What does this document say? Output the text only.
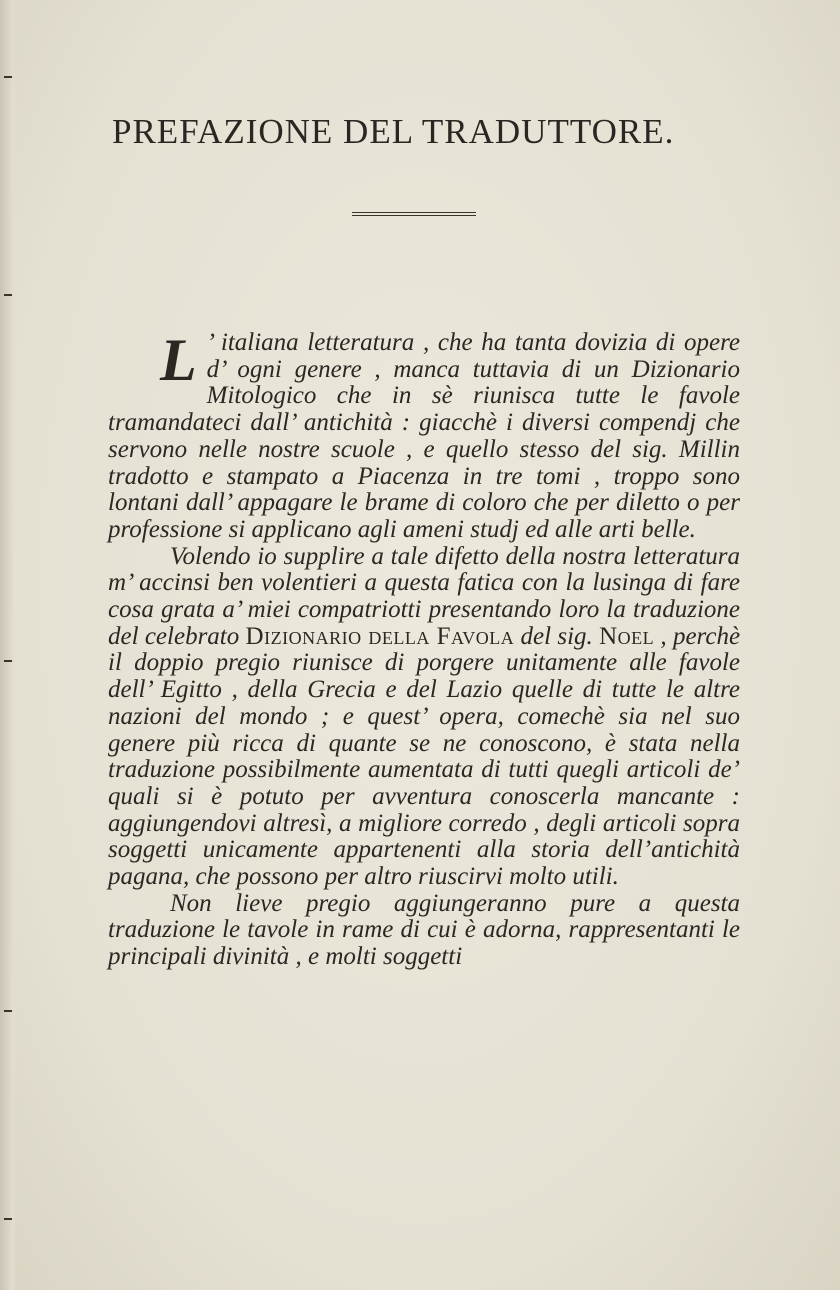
PREFAZIONE DEL TRADUTTORE.

L ’ italiana letteratura , che ha tanta dovizia di opere d’ ogni genere , manca tuttavia di un Dizionario Mitologico che in sè riunisca tutte le favole tramandateci dall’ antichità : giacchè i diversi compendj che servono nelle nostre scuole , e quello stesso del sig. Millin tradotto e stampato a Piacenza in tre tomi , troppo sono lontani dall’ appagare le brame di coloro che per diletto o per professione si applicano agli ameni studj ed alle arti belle.

Volendo io supplire a tale difetto della nostra letteratura m’ accinsi ben volentieri a questa fatica con la lusinga di fare cosa grata a’ miei compatriotti presentando loro la traduzione del celebrato Dizionario della Favola del sig. Noel , perchè il doppio pregio riunisce di porgere unitamente alle favole dell’ Egitto , della Grecia e del Lazio quelle di tutte le altre nazioni del mondo ; e quest’ opera, comechè sia nel suo genere più ricca di quante se ne conoscono, è stata nella traduzione possibilmente aumentata di tutti quegli articoli de’ quali si è potuto per avventura conoscerla mancante : aggiungendovi altresì, a migliore corredo , degli articoli sopra soggetti unicamente appartenenti alla storia dell’antichità pagana, che possono per altro riuscirvi molto utili.

Non lieve pregio aggiungeranno pure a questa traduzione le tavole in rame di cui è adorna, rappresentanti le principali divinità , e molti soggetti
